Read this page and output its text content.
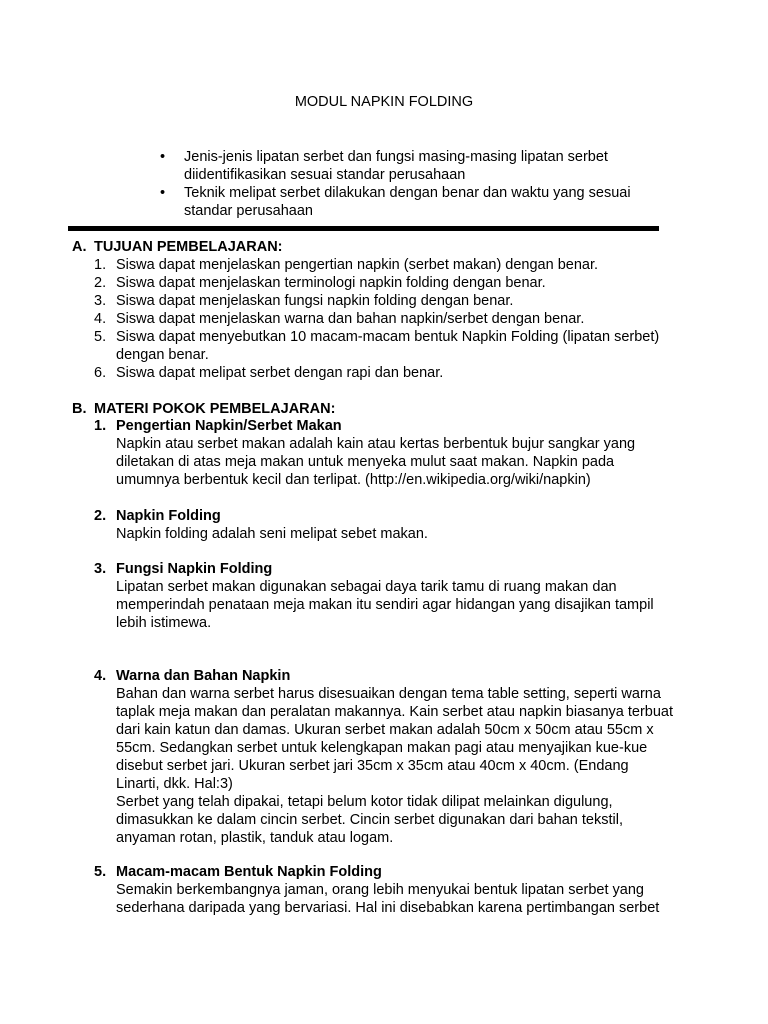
MODUL NAPKIN FOLDING
• Jenis-jenis lipatan serbet dan fungsi masing-masing lipatan serbet
diidentifikasikan sesuai standar perusahaan
• Teknik melipat serbet dilakukan dengan benar dan waktu yang sesuai
standar perusahaan
A. TUJUAN PEMBELAJARAN:
1. Siswa dapat menjelaskan pengertian napkin (serbet makan) dengan benar.
2. Siswa dapat menjelaskan terminologi napkin folding dengan benar.
3. Siswa dapat menjelaskan fungsi napkin folding dengan benar.
4. Siswa dapat menjelaskan warna dan bahan napkin/serbet dengan benar.
5. Siswa dapat menyebutkan 10 macam-macam bentuk Napkin Folding (lipatan serbet)
dengan benar.
6. Siswa dapat melipat serbet dengan rapi dan benar.
B. MATERI POKOK PEMBELAJARAN:
1. Pengertian Napkin/Serbet Makan
Napkin atau serbet makan adalah kain atau kertas berbentuk bujur sangkar yang
diletakan di atas meja makan untuk menyeka mulut saat makan. Napkin pada
umumnya berbentuk kecil dan terlipat. (http://en.wikipedia.org/wiki/napkin)
2. Napkin Folding
Napkin folding adalah seni melipat sebet makan.
3. Fungsi Napkin Folding
Lipatan serbet makan digunakan sebagai daya tarik tamu di ruang makan dan
memperindah penataan meja makan itu sendiri agar hidangan yang disajikan tampil
lebih istimewa.
4. Warna dan Bahan Napkin
Bahan dan warna serbet harus disesuaikan dengan tema table setting, seperti warna
taplak meja makan dan peralatan makannya. Kain serbet atau napkin biasanya terbuat
dari kain katun dan damas. Ukuran serbet makan adalah 50cm x 50cm atau 55cm x
55cm. Sedangkan serbet untuk kelengkapan makan pagi atau menyajikan kue-kue
disebut serbet jari. Ukuran serbet jari 35cm x 35cm atau 40cm x 40cm. (Endang
Linarti, dkk. Hal:3)
Serbet yang telah dipakai, tetapi belum kotor tidak dilipat melainkan digulung,
dimasukkan ke dalam cincin serbet. Cincin serbet digunakan dari bahan tekstil,
anyaman rotan, plastik, tanduk atau logam.
5. Macam-macam Bentuk Napkin Folding
Semakin berkembangnya jaman, orang lebih menyukai bentuk lipatan serbet yang
sederhana daripada yang bervariasi. Hal ini disebabkan karena pertimbangan serbet
